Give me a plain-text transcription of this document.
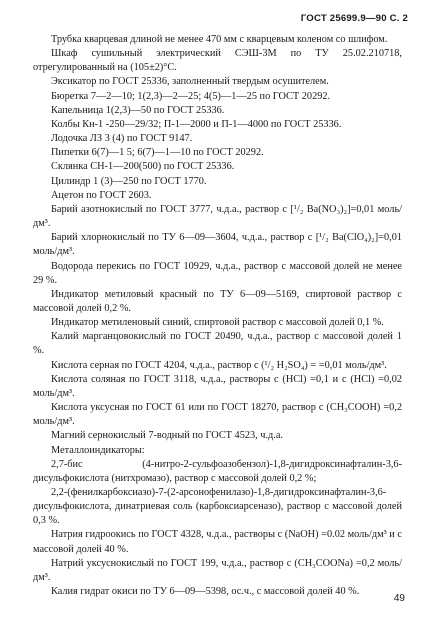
ГОСТ 25699.9—90 С. 2

Трубка кварцевая длиной не менее 470 мм с кварцевым коленом со шлифом.

Шкаф сушильный электрический СЭШ-3М по ТУ 25.02.210718, отрегулированный на (105±2)°С.

Эксикатор по ГОСТ 25336, заполненный твердым осушителем.

Бюретка 7—2—10; 1(2,3)—2—25; 4(5)—1—25 по ГОСТ 20292.

Капельница 1(2,3)—50 по ГОСТ 25336.

Колбы Кн-1 -250—29/32; П-1—2000 и П-1—4000 по ГОСТ 25336.

Лодочка ЛЗ 3 (4) по ГОСТ 9147.

Пипетки 6(7)—1 5; 6(7)—1—10 по ГОСТ 20292.

Склянка СН-1—200(500) по ГОСТ 25336.

Цилиндр 1 (3)—250 по ГОСТ 1770.

Ацетон по ГОСТ 2603.

Барий азотнокислый по ГОСТ 3777, ч.д.а., раствор с [¹/₂ Ba(NO₃)₂]=0,01 моль/дм³.

Барий хлорнокислый по ТУ 6—09—3604, ч.д.а., раствор с [¹/₂ Ba(ClO₄)₂]=0,01 моль/дм³.

Водорода перекись по ГОСТ 10929, ч.д.а., раствор с массовой долей не менее 29 %.

Индикатор метиловый красный по ТУ 6—09—5169, спиртовой раствор с массовой долей 0,2 %.

Индикатор метиленовый синий, спиртовой раствор с массовой долей 0,1 %.

Калий марганцовокислый по ГОСТ 20490, ч.д.а., раствор с массовой долей 1 %.

Кислота серная по ГОСТ 4204, ч.д.а., раствор с (¹/₂ H₂SO₄) = =0,01 моль/дм³.

Кислота соляная по ГОСТ 3118, ч.д.а., растворы с (HCl) =0,1 и с (HCl) =0,02 моль/дм³.

Кислота уксусная по ГОСТ 61 или по ГОСТ 18270, раствор с (CH₃COOH) =0,2 моль/дм³.

Магний сернокислый 7-водный по ГОСТ 4523, ч.д.а.

Металлоиндикаторы:

2,7-бис (4-нитро-2-сульфоазобензол)-1,8-дигидроксинафталин-3,6-дисульфокислота (нитхромазо), раствор с массовой долей 0,2 %;

2,2-(фенилкарбоксиазо)-7-(2-арсонофенилазо)-1,8-дигидроксинафталин-3,6-дисульфокислота, динатриевая соль (карбоксиарсеназо), раствор с массовой долей 0,3 %.

Натрия гидроокись по ГОСТ 4328, ч.д.а., растворы с (NaOH) =0.02 моль/дм³ и с массовой долей 40 %.

Натрий уксуснокислый по ГОСТ 199, ч.д.а., раствор с (CH₃COONa) =0,2 моль/дм³.

Калия гидрат окиси по ТУ 6—09—5398, ос.ч., с массовой долей 40 %.

49
